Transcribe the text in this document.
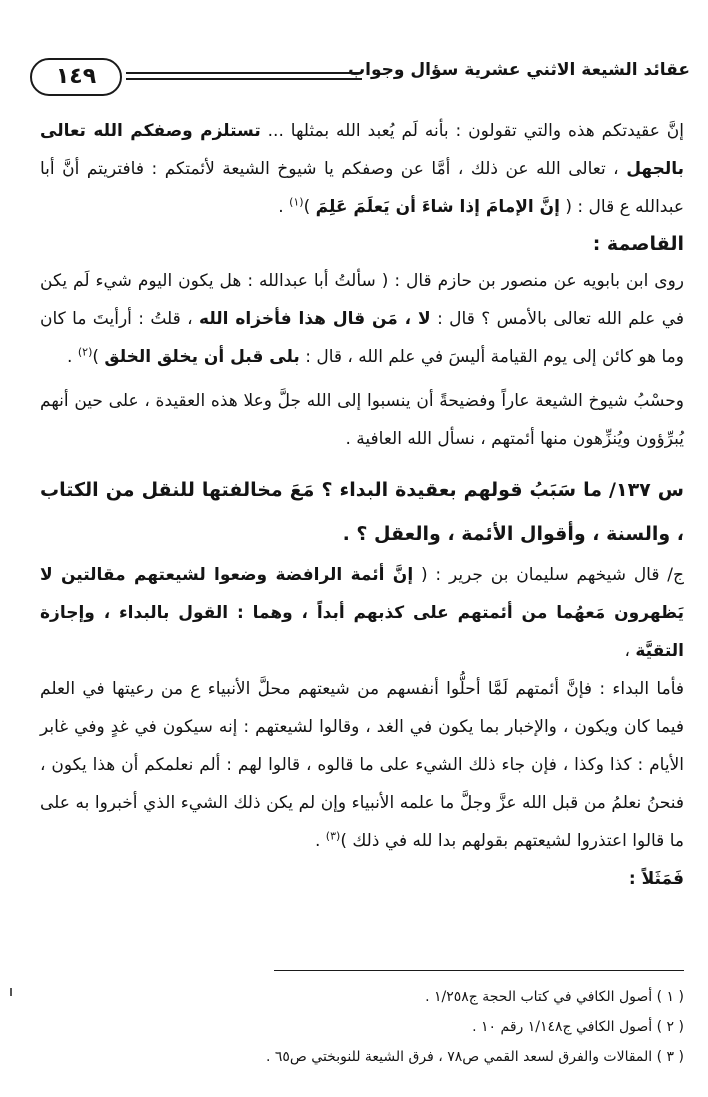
١٤٩	عقائد الشيعة الاثني عشرية سؤال وجواب

إنَّ عقيدتكم هذه والتي تقولون : بأنه لَم يُعبد الله بمثلها ... تستلزم وصفكم الله تعالى بالجهل ، تعالى الله عن ذلك ، أمَّا عن وصفكم يا شيوخ الشيعة لأئمتكم : فافتريتم أنَّ أبا عبدالله ع قال : ( إنَّ الإمامَ إذا شاءَ أن يَعلَمَ عَلِمَ )$^{(١)}$ .

القاصمة :

روى ابن بابويه عن منصور بن حازم قال : ( سألتُ أبا عبدالله : هل يكون اليوم شيء لَم يكن في علم الله تعالى بالأمس ؟ قال : لا ، مَن قال هذا فأخزاه الله ، قلتُ : أرأيتَ ما كان وما هو كائن إلى يوم القيامة أليسَ في علم الله ، قال : بلى قبل أن يخلق الخلق )$^{(٢)}$ .

وحسْبُ شيوخ الشيعة عاراً وفضيحةً أن ينسبوا إلى الله جلَّ وعلا هذه العقيدة ، على حين أنهم يُبرِّؤون ويُنزِّهون منها أئمتهم ، نسأل الله العافية .

س ١٣٧/ ما سَبَبُ قولهم بعقيدة البداء ؟ مَعَ مخالفتها للنقل من الكتاب ، والسنة ، وأقوال الأئمة ، والعقل ؟ .

ج/ قال شيخهم سليمان بن جرير : ( إنَّ أئمة الرافضة وضعوا لشيعتهم مقالتين لا يَظهرون مَعهُما من أئمتهم على كذبهم أبداً ، وهما : القول بالبداء ، وإجازة التقيَّة ،

فأما البداء : فإنَّ أئمتهم لَمَّا أحلُّوا أنفسهم من شيعتهم محلَّ الأنبياء ع من رعيتها في العلم فيما كان ويكون ، والإخبار بما يكون في الغد ، وقالوا لشيعتهم : إنه سيكون في غدٍ وفي غابر الأيام : كذا وكذا ، فإن جاء ذلك الشيء على ما قالوه ، قالوا لهم : ألم نعلمكم أن هذا يكون ، فنحنُ نعلمُ من قبل الله عزَّ وجلَّ ما علمه الأنبياء وإن لم يكن ذلك الشيء الذي أخبروا به على ما قالوا اعتذروا لشيعتهم بقولهم بدا لله في ذلك )$^{(٣)}$ .

فَمَثَلاً :

( ١ ) أصول الكافي في كتاب الحجة ج١/٢٥٨ .

( ٢ ) أصول الكافي ج١/١٤٨ رقم ١٠ .

( ٣ ) المقالات والفرق لسعد القمي ص٧٨ ، فرق الشيعة للنوبختي ص٦٥ .
